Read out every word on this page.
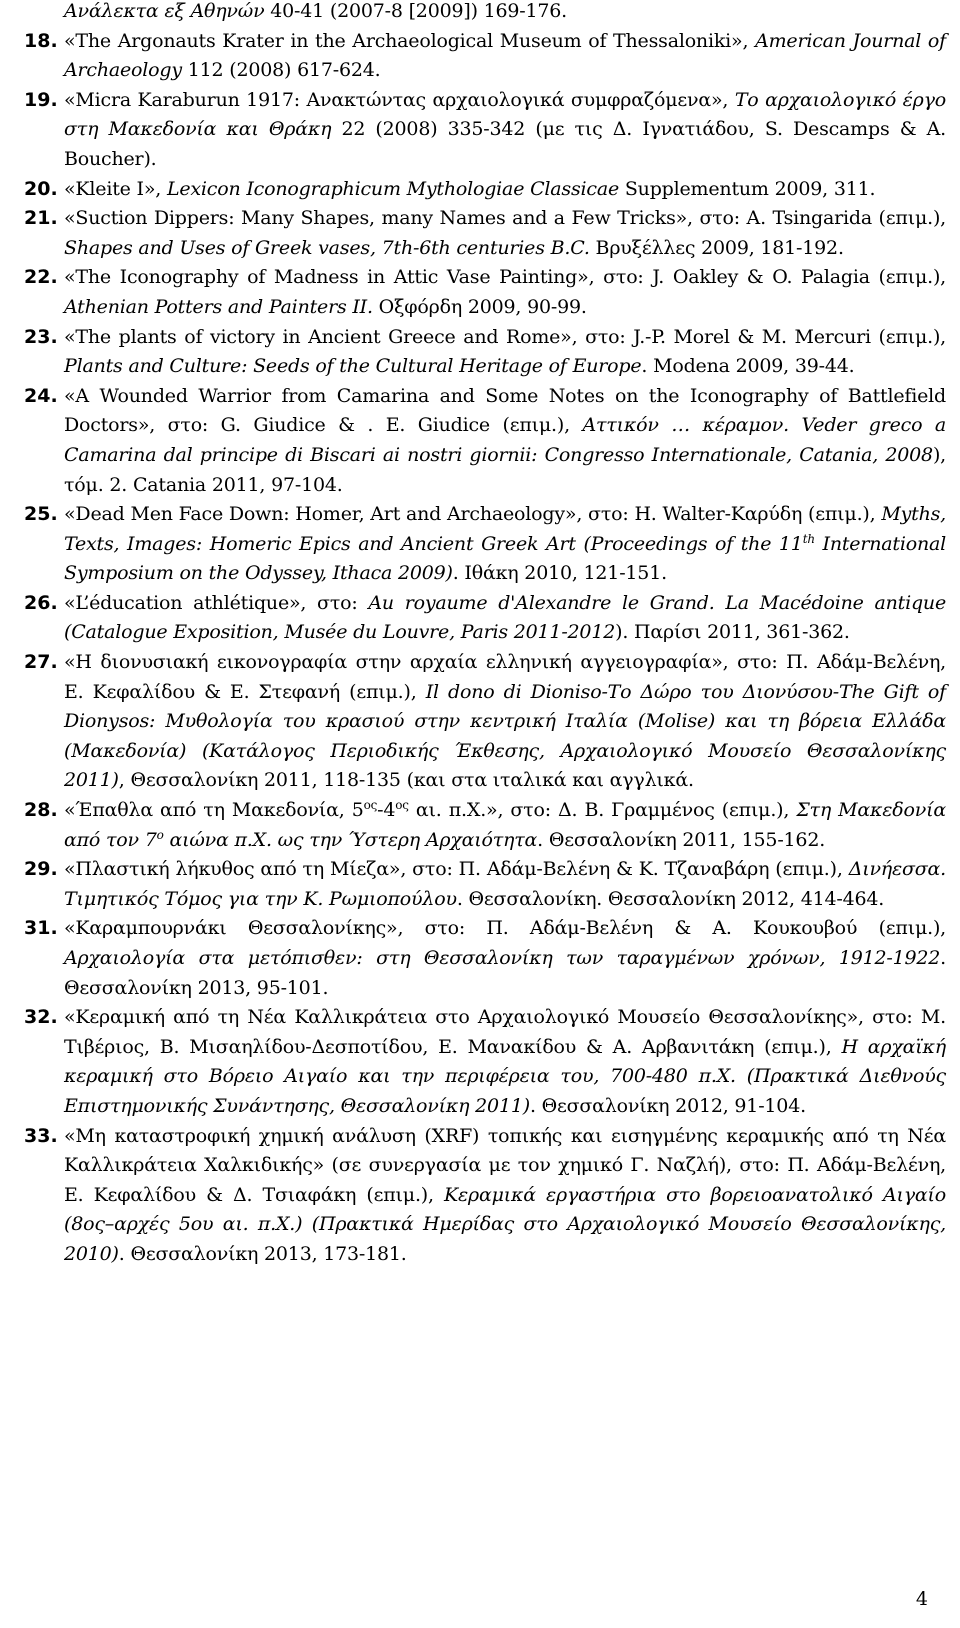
Ανάλεκτα εξ Αθηνών 40-41 (2007-8 [2009]) 169-176.
18. «The Argonauts Krater in the Archaeological Museum of Thessaloniki», American Journal of Archaeology 112 (2008) 617-624.
19. «Micra Karaburun 1917: Ανακτώντας αρχαιολογικά συμφραζόμενα», Το αρχαιολογικό έργο στη Μακεδονία και Θράκη 22 (2008) 335-342 (με τις Δ. Ιγνατιάδου, S. Descamps & A. Boucher).
20. «Kleite I», Lexicon Iconographicum Mythologiae Classicae Supplementum 2009, 311.
21. «Suction Dippers: Many Shapes, many Names and a Few Tricks», στο: A. Tsingarida (επιμ.), Shapes and Uses of Greek vases, 7th-6th centuries B.C. Βρυξέλλες 2009, 181-192.
22. «The Iconography of Madness in Attic Vase Painting», στο: J. Oakley & O. Palagia (επιμ.), Athenian Potters and Painters II. Οξφόρδη 2009, 90-99.
23. «The plants of victory in Ancient Greece and Rome», στο: J.-P. Morel & M. Mercuri (επιμ.), Plants and Culture: Seeds of the Cultural Heritage of Europe. Modena 2009, 39-44.
24. «A Wounded Warrior from Camarina and Some Notes on the Iconography of Battlefield Doctors», στο: G. Giudice & . E. Giudice (επιμ.), Αττικόν … κέραμον. Veder greco a Camarina dal principe di Biscari ai nostri giornii: Congresso Internationale, Catania, 2008), τόμ. 2. Catania 2011, 97-104.
25. «Dead Men Face Down: Homer, Art and Archaeology», στο: H. Walter-Καρύδη (επιμ.), Myths, Texts, Images: Homeric Epics and Ancient Greek Art (Proceedings of the 11th International Symposium on the Odyssey, Ithaca 2009). Ιθάκη 2010, 121-151.
26. «L’éducation athlétique», στο: Au royaume d'Alexandre le Grand. La Macédoine antique (Catalogue Exposition, Musée du Louvre, Paris 2011-2012). Παρίσι 2011, 361-362.
27. «Η διονυσιακή εικονογραφία στην αρχαία ελληνική αγγειογραφία», στο: Π. Αδάμ-Βελένη, Ε. Κεφαλίδου & Ε. Στεφανή (επιμ.), Il dono di Dioniso-Το Δώρο του Διονύσου-The Gift of Dionysos: Μυθολογία του κρασιού στην κεντρική Ιταλία (Molise) και τη βόρεια Ελλάδα (Μακεδονία) (Κατάλογος Περιοδικής Έκθεσης, Αρχαιολογικό Μουσείο Θεσσαλονίκης 2011), Θεσσαλονίκη 2011, 118-135 (και στα ιταλικά και αγγλικά.
28. «Έπαθλα από τη Μακεδονία, $5^{o\varsigma}-4^{o\varsigma}$ αι. π.Χ.», στο: Δ. Β. Γραμμένος (επιμ.), Στη Μακεδονία από τον $7^o$ αιώνα π.Χ. ως την Ύστερη Αρχαιότητα. Θεσσαλονίκη 2011, 155-162.
29. «Πλαστική λήκυθος από τη Μίεζα», στο: Π. Αδάμ-Βελένη & Κ. Τζαναβάρη (επιμ.), Δινήεσσα. Τιμητικός Τόμος για την Κ. Ρωμιοπούλου. Θεσσαλονίκη. Θεσσαλονίκη 2012, 414-464.
31. «Καραμπουρνάκι Θεσσαλονίκης», στο: Π. Αδάμ-Βελένη & Α. Κουκουβού (επιμ.), Αρχαιολογία στα μετόπισθεν: στη Θεσσαλονίκη των ταραγμένων χρόνων, 1912-1922. Θεσσαλονίκη 2013, 95-101.
32. «Κεραμική από τη Νέα Καλλικράτεια στο Αρχαιολογικό Μουσείο Θεσσαλονίκης», στο: Μ. Τιβέριος, Β. Μισαηλίδου-Δεσποτίδου, Ε. Μανακίδου & Α. Αρβανιτάκη (επιμ.), Η αρχαϊκή κεραμική στο Βόρειο Αιγαίο και την περιφέρεια του, 700-480 π.Χ. (Πρακτικά Διεθνούς Επιστημονικής Συνάντησης, Θεσσαλονίκη 2011). Θεσσαλονίκη 2012, 91-104.
33. «Μη καταστροφική χημική ανάλυση (XRF) τοπικής και εισηγμένης κεραμικής από τη Νέα Καλλικράτεια Χαλκιδικής» (σε συνεργασία με τον χημικό Γ. Ναζλή), στο: Π. Αδάμ-Βελένη, Ε. Κεφαλίδου & Δ. Τσιαφάκη (επιμ.), Κεραμικά εργαστήρια στο βορειοανατολικό Αιγαίο (8ος–αρχές 5ου αι. π.Χ.) (Πρακτικά Ημερίδας στο Αρχαιολογικό Μουσείο Θεσσαλονίκης, 2010). Θεσσαλονίκη 2013, 173-181.
4
